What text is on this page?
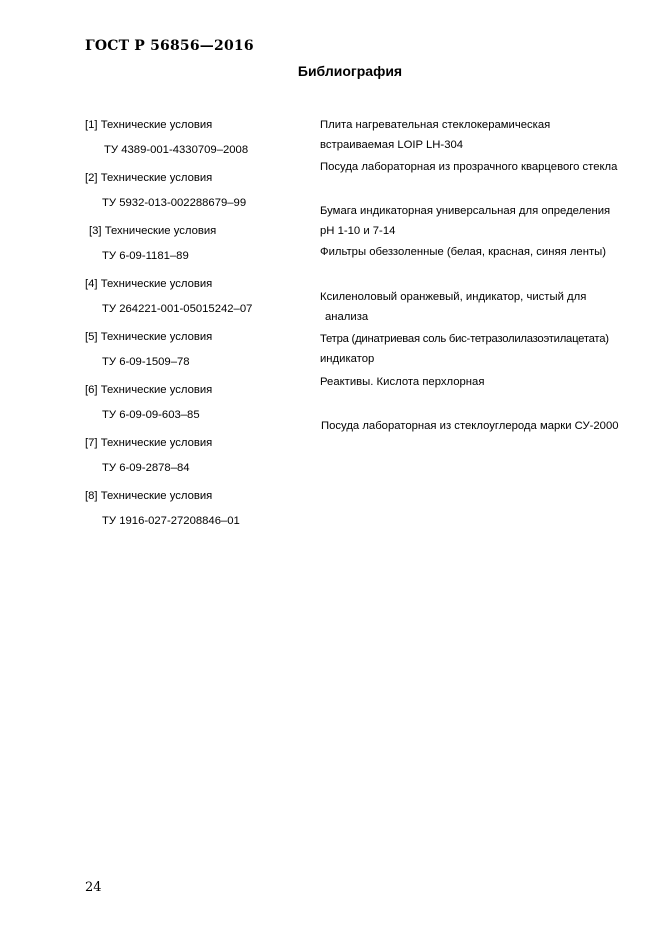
ГОСТ Р 56856—2016
Библиография
[1] Технические условия
ТУ 4389-001-4330709–2008
Плита нагревательная стеклокерамическая
встраиваемая LOIP LH-304
[2] Технические условия
ТУ 5932-013-002288679–99
Посуда лабораторная из прозрачного кварцевого стекла
[3] Технические условия
ТУ 6-09-1181–89
Бумага индикаторная универсальная для определения
pH 1-10 и 7-14
[4] Технические условия
ТУ 264221-001-05015242–07
Фильтры обеззоленные (белая, красная, синяя ленты)
[5] Технические условия
ТУ 6-09-1509–78
Ксиленоловый оранжевый, индикатор, чистый для
анализа
[6] Технические условия
ТУ 6-09-09-603–85
Тетра (динатриевая соль бис-тетразолилазоэтилацетата)
индикатор
[7] Технические условия
ТУ 6-09-2878–84
Реактивы. Кислота перхлорная
[8] Технические условия
ТУ 1916-027-27208846–01
Посуда лабораторная из стеклоуглерода марки СУ-2000
24
